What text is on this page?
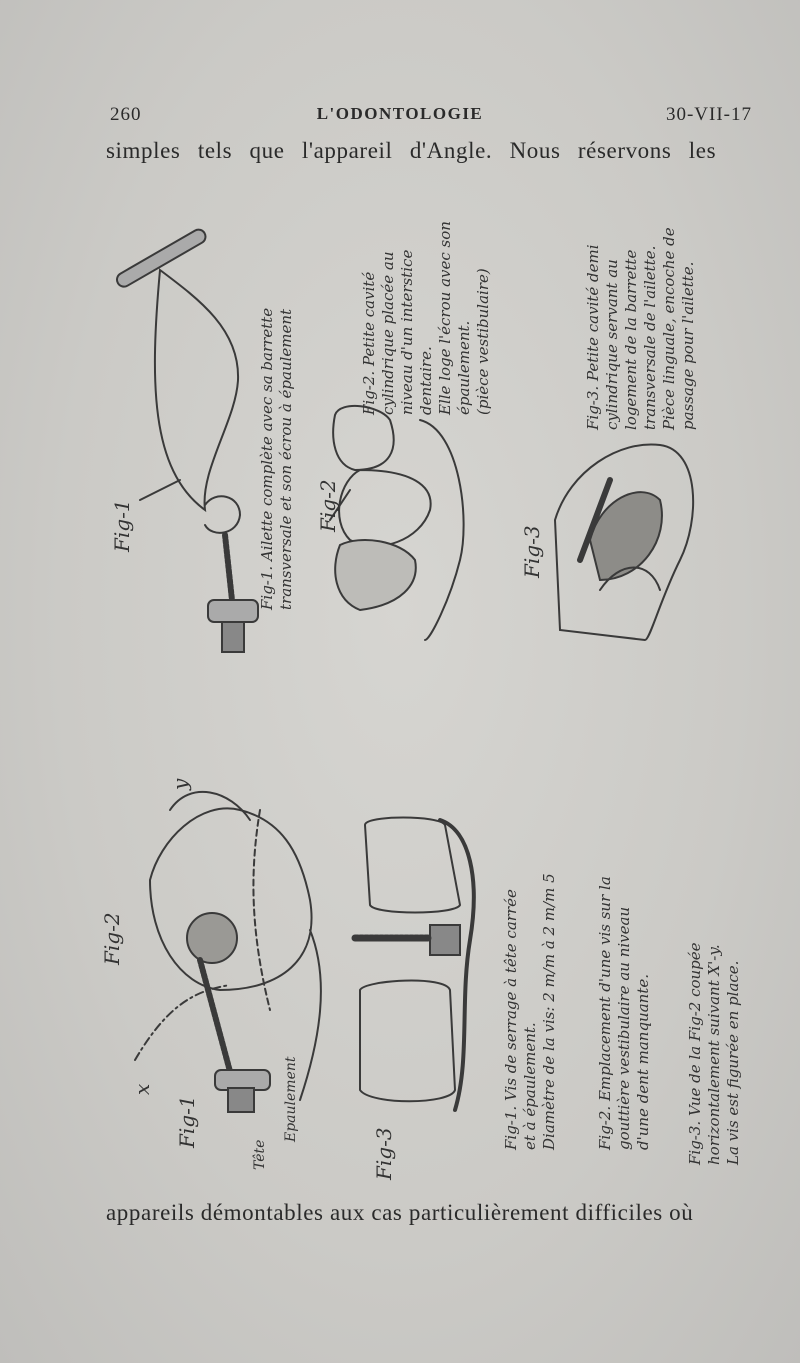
260	L'ODONTOLOGIE	30-VII-17
simples tels que l'appareil d'Angle. Nous réservons les
Fig-1	Fig-1. Ailette complète avec sa barrette transversale et son écrou à épaulement Fig-2
Fig-2. Petite cavité cylindrique placée au niveau d'un interstice dentaire. Elle loge l'écrou avec son épaulement. (pièce vestibulaire)
Fig-3
Fig-3. Petite cavité demi cylindrique servant au logement de la barrette transversale de l'ailette. Pièce linguale, encoche de passage pour l'ailette.
Fig-2
Fig-1
Tête
Epaulement
x
y
Fig-3
Fig-1. Vis de serrage à tête carrée et à épaulement. Diamètre de la vis: 2 m/m à 2 m/m 5	Fig-2. Emplacement d'une vis sur la gouttière vestibulaire au niveau d'une dent manquante. Fig-3. Vue de la Fig-2 coupée horizontalement suivant X'-y. La vis est figurée en place.
appareils démontables aux cas particulièrement difficiles où
